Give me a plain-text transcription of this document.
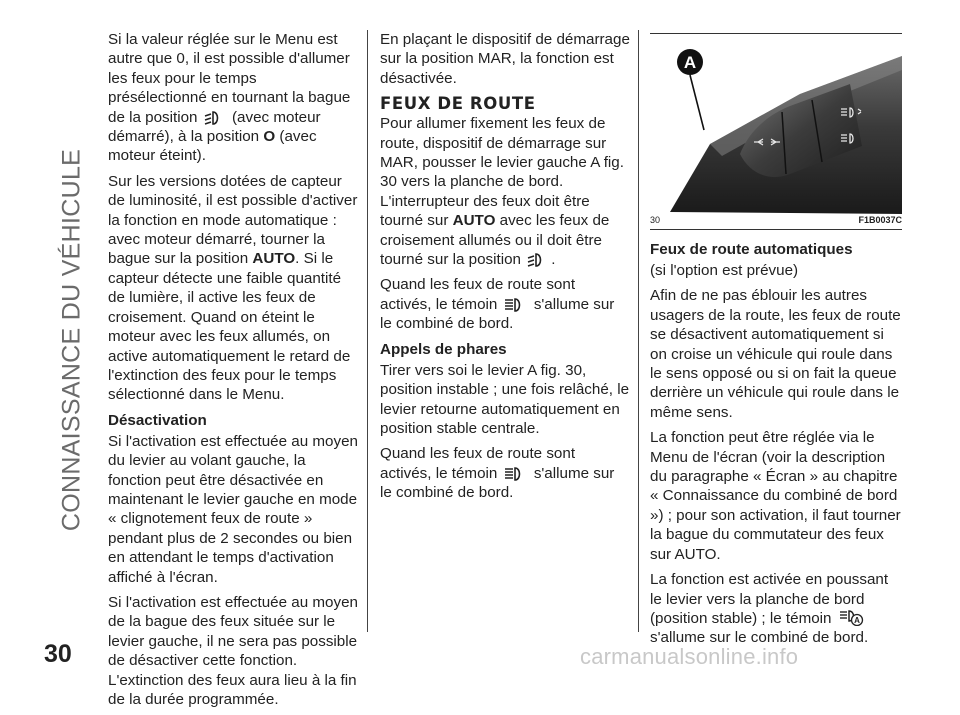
CONNAISSANCE DU VÉHICULE
30	carmanualsonline.info

Si la valeur réglée sur le Menu est autre que 0, il est possible d'allumer les feux pour le temps présélectionné en tournant la bague de la position (avec moteur démarré), à la position O (avec moteur éteint).

Sur les versions dotées de capteur de luminosité, il est possible d'activer la fonction en mode automatique : avec moteur démarré, tourner la bague sur la position AUTO. Si le capteur détecte une faible quantité de lumière, il active les feux de croisement. Quand on éteint le moteur avec les feux allumés, on active automatiquement le retard de l'extinction des feux pour le temps sélectionné dans le Menu.

Désactivation

Si l'activation est effectuée au moyen du levier au volant gauche, la fonction peut être désactivée en maintenant le levier gauche en mode « clignotement feux de route » pendant plus de 2 secondes ou bien en attendant le temps d'activation affiché à l'écran.

Si l'activation est effectuée au moyen de la bague des feux située sur le levier gauche, il ne sera pas possible de désactiver cette fonction. L'extinction des feux aura lieu à la fin de la durée programmée.

En plaçant le dispositif de démarrage sur la position MAR, la fonction est désactivée.

FEUX DE ROUTE

Pour allumer fixement les feux de route, dispositif de démarrage sur MAR, pousser le levier gauche A fig. 30 vers la planche de bord. L'interrupteur des feux doit être tourné sur AUTO avec les feux de croisement allumés ou il doit être tourné sur la position .

Quand les feux de route sont activés, le témoin s'allume sur le combiné de bord.

Appels de phares

Tirer vers soi le levier A fig. 30, position instable ; une fois relâché, le levier retourne automatiquement en position stable centrale.

Quand les feux de route sont activés, le témoin s'allume sur le combiné de bord.

A
30	F1B0037C
Feux de route automatiques

(si l'option est prévue)

Afin de ne pas éblouir les autres usagers de la route, les feux de route se désactivent automatiquement si on croise un véhicule qui roule dans le sens opposé ou si on fait la queue derrière un véhicule qui roule dans le même sens.

La fonction peut être réglée via le Menu de l'écran (voir la description du paragraphe « Écran » au chapitre « Connaissance du combiné de bord ») ; pour son activation, il faut tourner la bague du commutateur des feux sur AUTO.

La fonction est activée en poussant le levier vers la planche de bord (position stable) ; le témoin	A
s'allume sur le combiné de bord.
